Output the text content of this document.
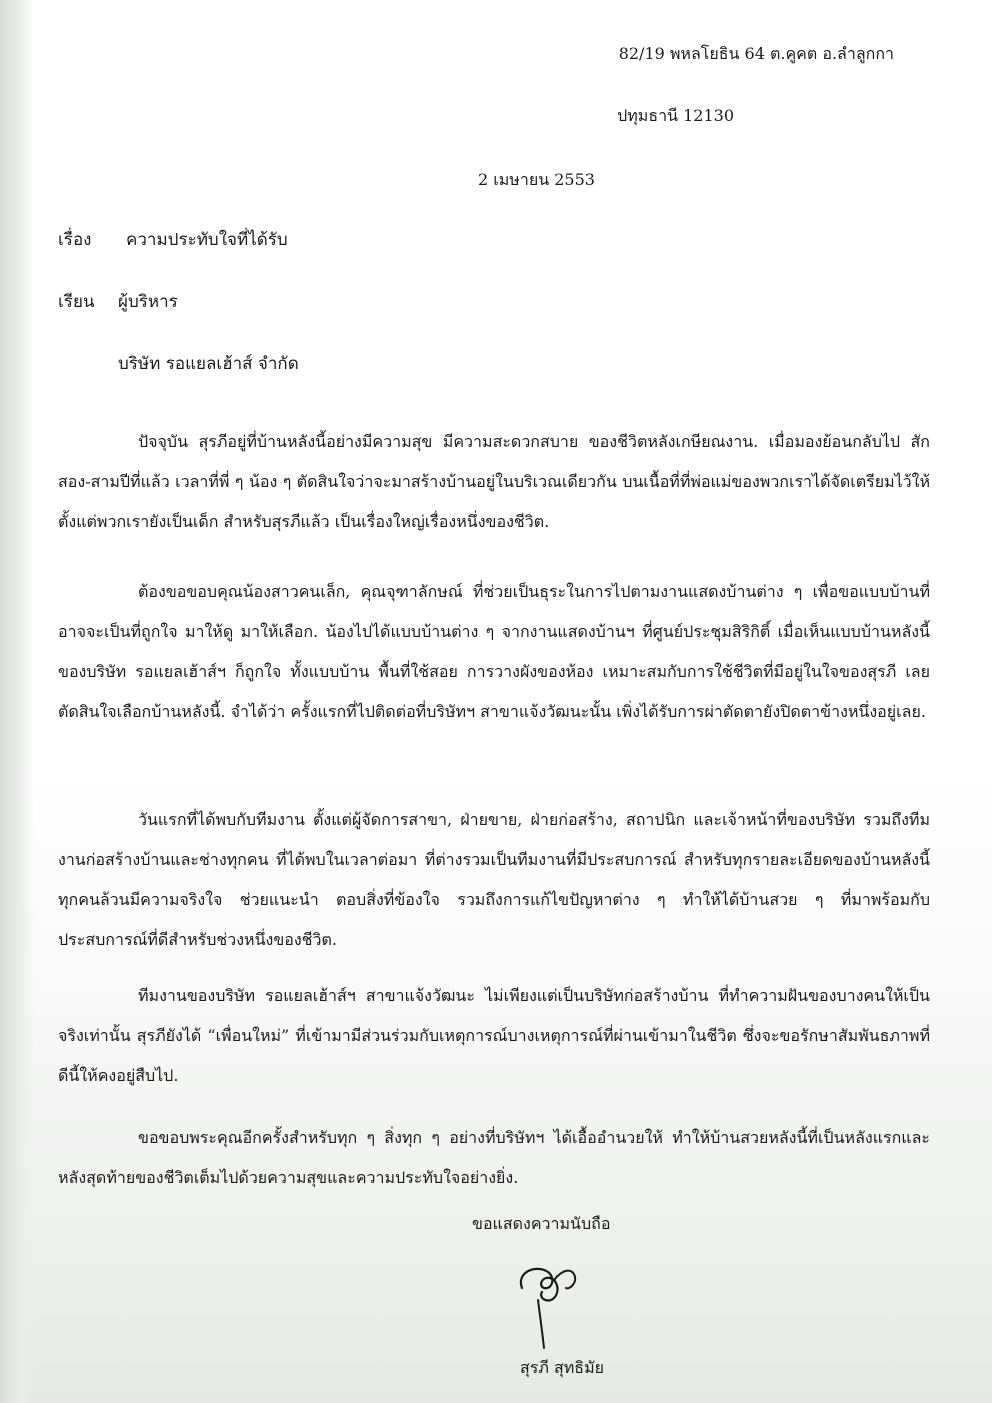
82/19 พหลโยธิน 64 ต.คูคต อ.ลำลูกกา
ปทุมธานี 12130
2 เมษายน 2553
เรื่อง ความประทับใจที่ได้รับ
เรียน ผู้บริหาร
บริษัท รอแยลเฮ้าส์ จำกัด

ปัจจุบัน สุรภีอยู่ที่บ้านหลังนี้อย่างมีความสุข มีความสะดวกสบาย ของชีวิตหลังเกษียณงาน. เมื่อมองย้อนกลับไป สักสอง-สามปีที่แล้ว เวลาที่พี่ ๆ น้อง ๆ ตัดสินใจว่าจะมาสร้างบ้านอยู่ในบริเวณเดียวกัน บนเนื้อที่ที่พ่อแม่ของพวกเราได้จัดเตรียมไว้ให้ตั้งแต่พวกเรายังเป็นเด็ก สำหรับสุรภีแล้ว เป็นเรื่องใหญ่เรื่องหนึ่งของชีวิต.

ต้องขอขอบคุณน้องสาวคนเล็ก, คุณจุฑาลักษณ์ ที่ช่วยเป็นธุระในการไปตามงานแสดงบ้านต่าง ๆ เพื่อขอแบบบ้านที่อาจจะเป็นที่ถูกใจ มาให้ดู มาให้เลือก. น้องไปได้แบบบ้านต่าง ๆ จากงานแสดงบ้านฯ ที่ศูนย์ประชุมสิริกิติ์ เมื่อเห็นแบบบ้านหลังนี้ของบริษัท รอแยลเฮ้าส์ฯ ก็ถูกใจ ทั้งแบบบ้าน พื้นที่ใช้สอย การวางผังของห้อง เหมาะสมกับการใช้ชีวิตที่มีอยู่ในใจของสุรภี เลยตัดสินใจเลือกบ้านหลังนี้. จำได้ว่า ครั้งแรกที่ไปติดต่อที่บริษัทฯ สาขาแจ้งวัฒนะนั้น เพิ่งได้รับการผ่าตัดตายังปิดตาข้างหนึ่งอยู่เลย.

วันแรกที่ได้พบกับทีมงาน ตั้งแต่ผู้จัดการสาขา, ฝ่ายขาย, ฝ่ายก่อสร้าง, สถาปนิก และเจ้าหน้าที่ของบริษัท รวมถึงทีมงานก่อสร้างบ้านและช่างทุกคน ที่ได้พบในเวลาต่อมา ที่ต่างรวมเป็นทีมงานที่มีประสบการณ์ สำหรับทุกรายละเอียดของบ้านหลังนี้ ทุกคนล้วนมีความจริงใจ ช่วยแนะนำ ตอบสิ่งที่ข้องใจ รวมถึงการแก้ไขปัญหาต่าง ๆ ทำให้ได้บ้านสวย ๆ ที่มาพร้อมกับประสบการณ์ที่ดีสำหรับช่วงหนึ่งของชีวิต.

ทีมงานของบริษัท รอแยลเฮ้าส์ฯ สาขาแจ้งวัฒนะ ไม่เพียงแต่เป็นบริษัทก่อสร้างบ้าน ที่ทำความฝันของบางคนให้เป็นจริงเท่านั้น สุรภียังได้ “เพื่อนใหม่” ที่เข้ามามีส่วนร่วมกับเหตุการณ์บางเหตุการณ์ที่ผ่านเข้ามาในชีวิต ซึ่งจะขอรักษาสัมพันธภาพที่ดีนี้ให้คงอยู่สืบไป.

ขอขอบพระคุณอีกครั้งสำหรับทุก ๆ สิ่งทุก ๆ อย่างที่บริษัทฯ ได้เอื้ออำนวยให้ ทำให้บ้านสวยหลังนี้ที่เป็นหลังแรกและหลังสุดท้ายของชีวิตเต็มไปด้วยความสุขและความประทับใจอย่างยิ่ง.

ขอแสดงความนับถือ
สุรภี สุทธิมัย
